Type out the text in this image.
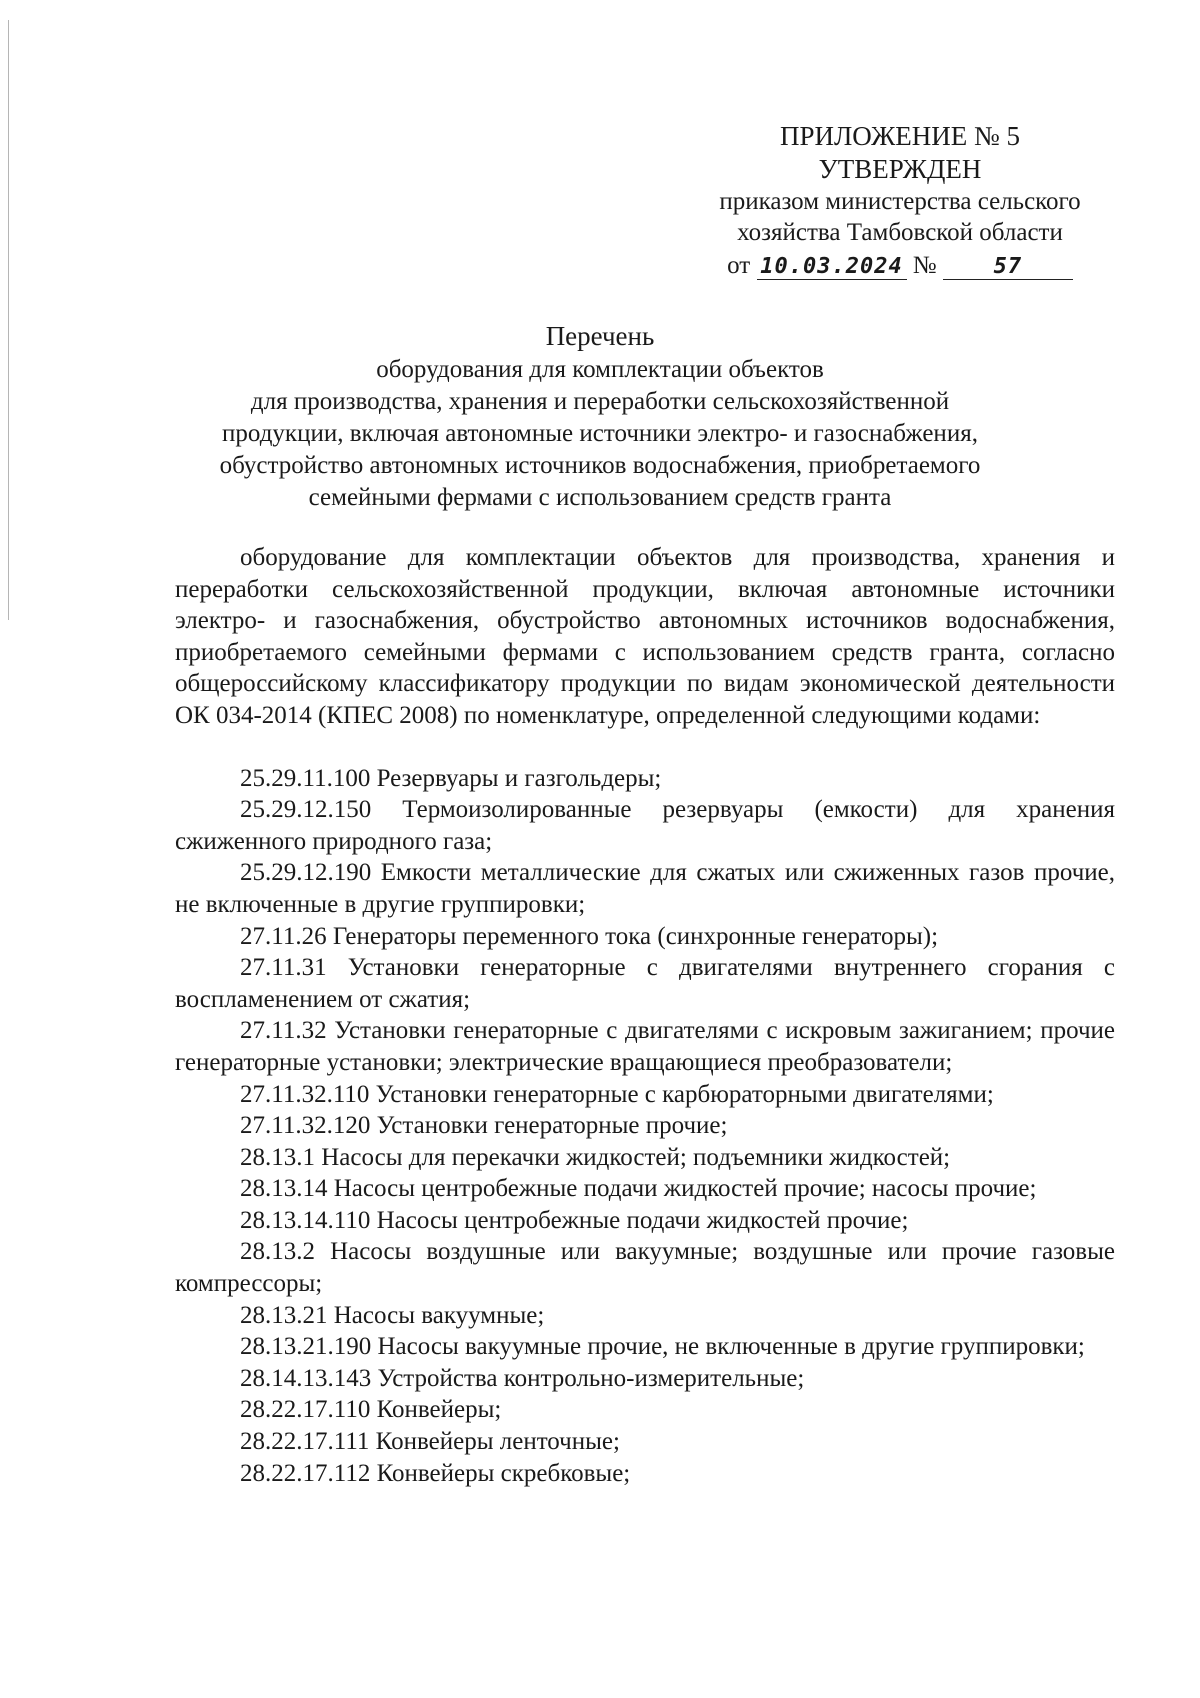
ПРИЛОЖЕНИЕ № 5
УТВЕРЖДЕН
приказом министерства сельского
хозяйства Тамбовской области
от 10.03.2024 №	57
Перечень
оборудования для комплектации объектов
для производства, хранения и переработки сельскохозяйственной
продукции, включая автономные источники электро- и газоснабжения,
обустройство автономных источников водоснабжения, приобретаемого
семейными фермами с использованием средств гранта

оборудование для комплектации объектов для производства, хранения и переработки сельскохозяйственной продукции, включая автономные источники электро- и газоснабжения, обустройство автономных источников водоснабжения, приобретаемого семейными фермами с использованием средств гранта, согласно общероссийскому классификатору продукции по видам экономической деятельности ОК 034-2014 (КПЕС 2008) по номенклатуре, определенной следующими кодами:

25.29.11.100 Резервуары и газгольдеры;

25.29.12.150 Термоизолированные резервуары (емкости) для хранения сжиженного природного газа;

25.29.12.190 Емкости металлические для сжатых или сжиженных газов прочие, не включенные в другие группировки;

27.11.26 Генераторы переменного тока (синхронные генераторы);

27.11.31 Установки генераторные с двигателями внутреннего сгорания с воспламенением от сжатия;

27.11.32 Установки генераторные с двигателями с искровым зажиганием; прочие генераторные установки; электрические вращающиеся преобразователи;

27.11.32.110 Установки генераторные с карбюраторными двигателями;

27.11.32.120 Установки генераторные прочие;

28.13.1 Насосы для перекачки жидкостей; подъемники жидкостей;

28.13.14 Насосы центробежные подачи жидкостей прочие; насосы прочие;

28.13.14.110 Насосы центробежные подачи жидкостей прочие;

28.13.2 Насосы воздушные или вакуумные; воздушные или прочие газовые компрессоры;

28.13.21 Насосы вакуумные;

28.13.21.190 Насосы вакуумные прочие, не включенные в другие группировки;

28.14.13.143 Устройства контрольно-измерительные;

28.22.17.110 Конвейеры;

28.22.17.111 Конвейеры ленточные;

28.22.17.112 Конвейеры скребковые;
